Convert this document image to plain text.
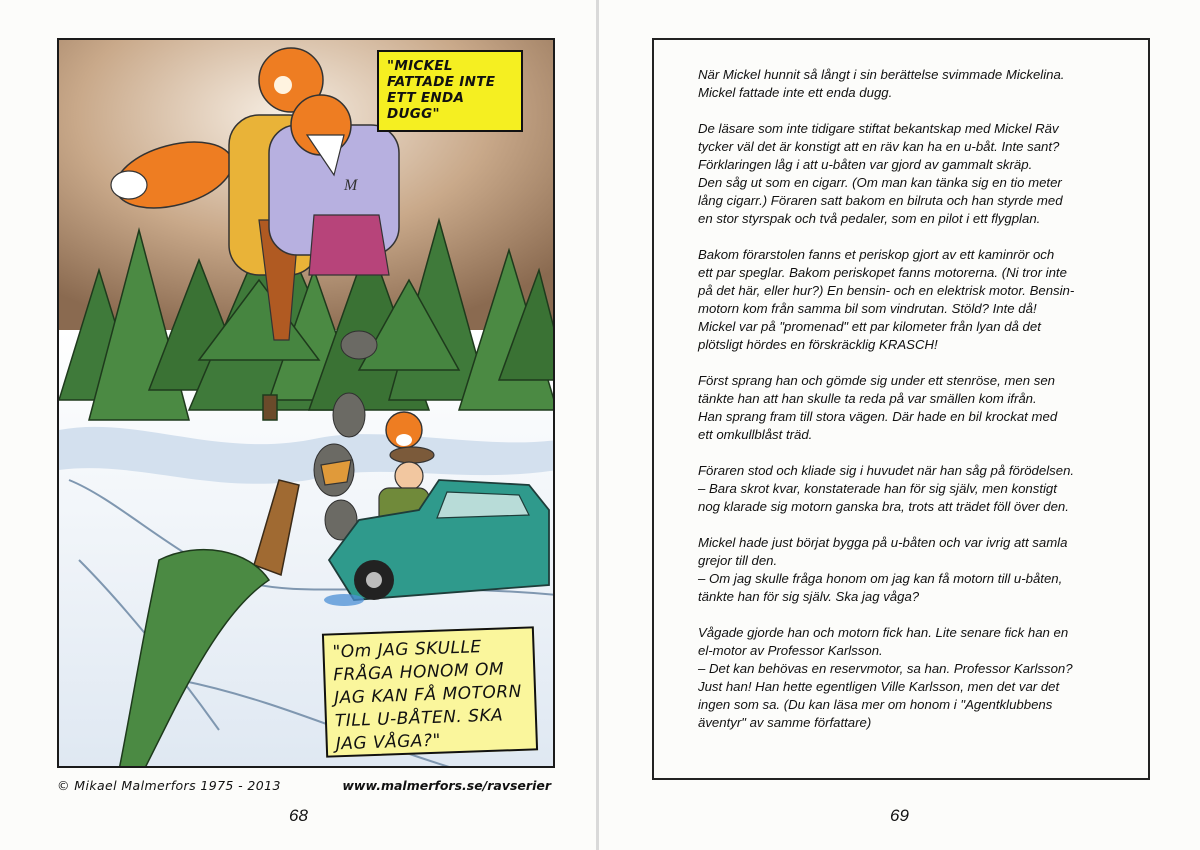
M
"MICKEL FATTADE INTE ETT ENDA DUGG"
"Om JAG SKULLE FRÅGA HONOM OM JAG KAN FÅ MOTORN TILL U-BÅTEN. SKA JAG VÅGA?"
© Mikael Malmerfors 1975 - 2013	www.malmerfors.se/ravserier
68

När Mickel hunnit så långt i sin berättelse svimmade Mickelina.
Mickel fattade inte ett enda dugg.

De läsare som inte tidigare stiftat bekantskap med Mickel Räv
tycker väl det är konstigt att en räv kan ha en u-båt. Inte sant?
Förklaringen låg i att u-båten var gjord av gammalt skräp.
Den såg ut som en cigarr. (Om man kan tänka sig en tio meter
lång cigarr.) Föraren satt bakom en bilruta och han styrde med
en stor styrspak och två pedaler, som en pilot i ett flygplan.

Bakom förarstolen fanns et periskop gjort av ett kaminrör och
ett par speglar. Bakom periskopet fanns motorerna. (Ni tror inte
på det här, eller hur?) En bensin- och en elektrisk motor. Bensin-
motorn kom från samma bil som vindrutan. Stöld? Inte då!
Mickel var på "promenad" ett par kilometer från lyan då det
plötsligt hördes en förskräcklig KRASCH!

Först sprang han och gömde sig under ett stenröse, men sen
tänkte han att han skulle ta reda på var smällen kom ifrån.
Han sprang fram till stora vägen. Där hade en bil krockat med
ett omkullblåst träd.

Föraren stod och kliade sig i huvudet när han såg på förödelsen.
– Bara skrot kvar, konstaterade han för sig själv, men konstigt
nog klarade sig motorn ganska bra, trots att trädet föll över den.

Mickel hade just börjat bygga på u-båten och var ivrig att samla
grejor till den.
– Om jag skulle fråga honom om jag kan få motorn till u-båten,
tänkte han för sig själv. Ska jag våga?

Vågade gjorde han och motorn fick han. Lite senare fick han en
el-motor av Professor Karlsson.
– Det kan behövas en reservmotor, sa han. Professor Karlsson?
Just han! Han hette egentligen Ville Karlsson, men det var det
ingen som sa. (Du kan läsa mer om honom i "Agentklubbens
äventyr" av samme författare)

69
